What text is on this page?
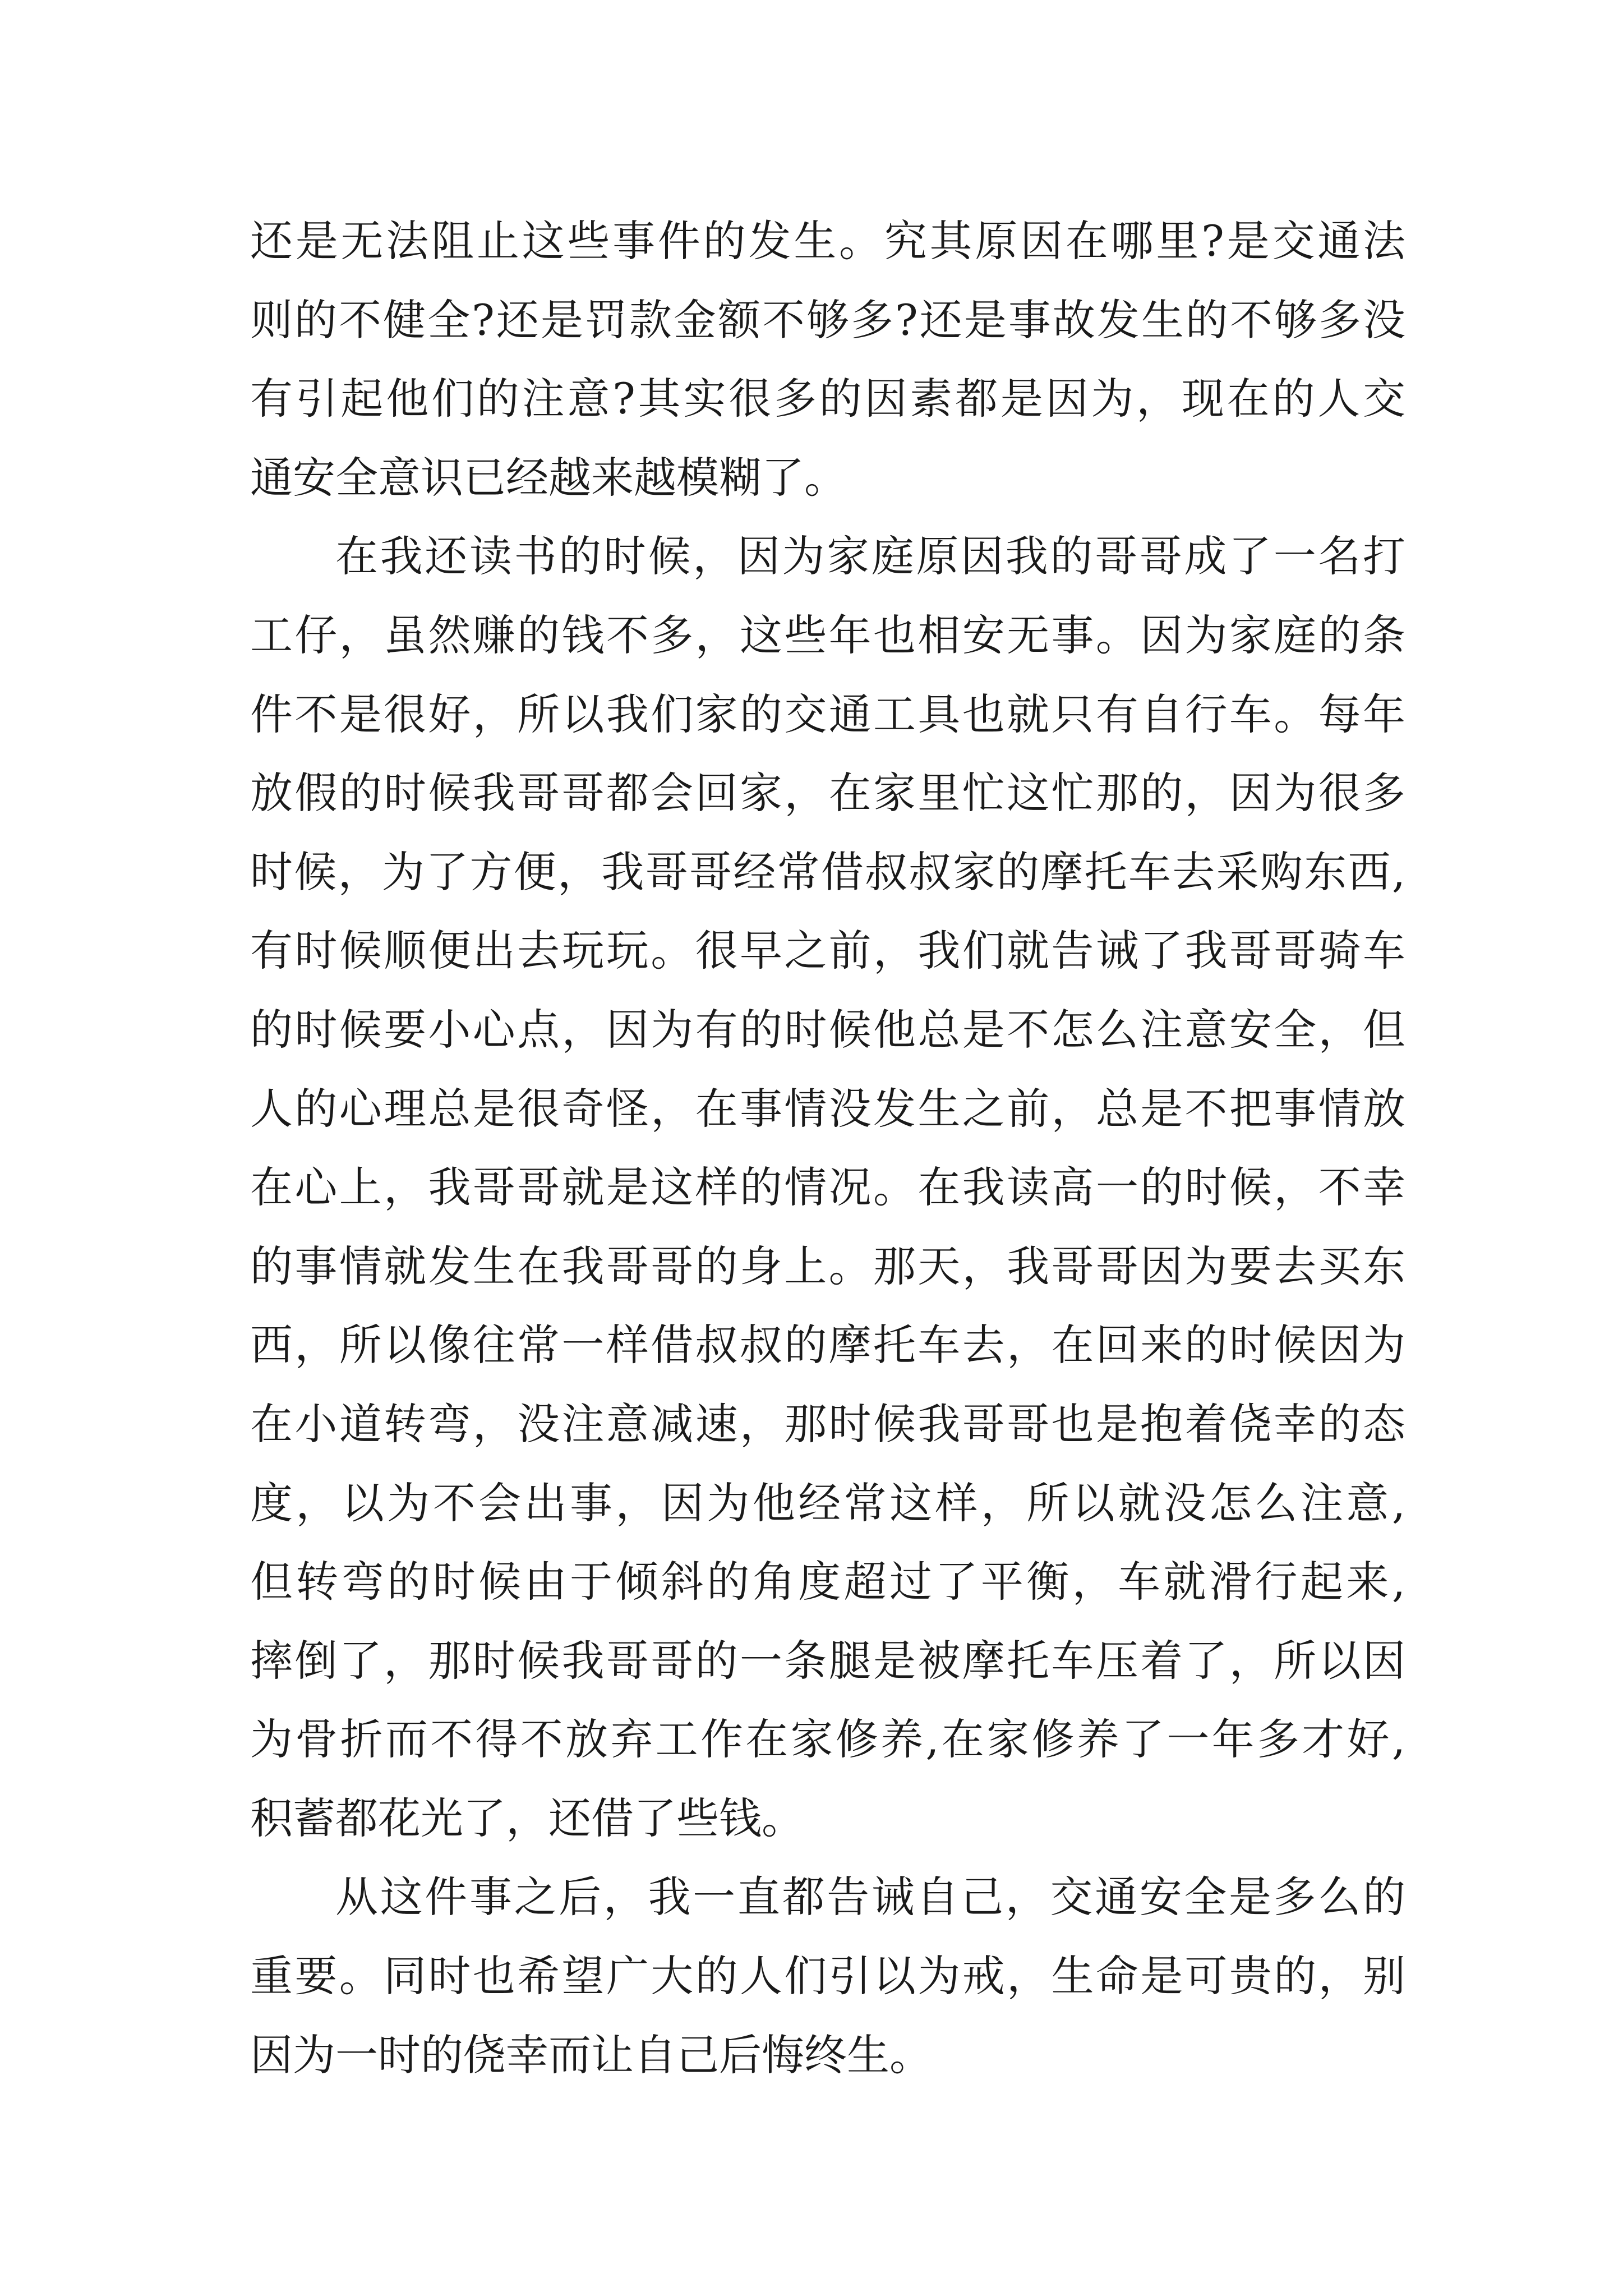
还是无法阻止这些事件的发生。究其原因在哪里?是交通法
则的不健全?还是罚款金额不够多?还是事故发生的不够多没
有引起他们的注意?其实很多的因素都是因为，现在的人交
通安全意识已经越来越模糊了。
在我还读书的时候，因为家庭原因我的哥哥成了一名打
工仔，虽然赚的钱不多，这些年也相安无事。因为家庭的条
件不是很好，所以我们家的交通工具也就只有自行车。每年
放假的时候我哥哥都会回家，在家里忙这忙那的，因为很多
时候，为了方便，我哥哥经常借叔叔家的摩托车去采购东西,
有时候顺便出去玩玩。很早之前，我们就告诫了我哥哥骑车
的时候要小心点，因为有的时候他总是不怎么注意安全，但
人的心理总是很奇怪，在事情没发生之前，总是不把事情放
在心上，我哥哥就是这样的情况。在我读高一的时候，不幸
的事情就发生在我哥哥的身上。那天，我哥哥因为要去买东
西，所以像往常一样借叔叔的摩托车去，在回来的时候因为
在小道转弯，没注意减速，那时候我哥哥也是抱着侥幸的态
度，以为不会出事，因为他经常这样，所以就没怎么注意,
但转弯的时候由于倾斜的角度超过了平衡，车就滑行起来,
摔倒了，那时候我哥哥的一条腿是被摩托车压着了，所以因
为骨折而不得不放弃工作在家修养,在家修养了一年多才好,
积蓄都花光了，还借了些钱。
从这件事之后，我一直都告诫自己，交通安全是多么的
重要。同时也希望广大的人们引以为戒，生命是可贵的，别
因为一时的侥幸而让自己后悔终生。
